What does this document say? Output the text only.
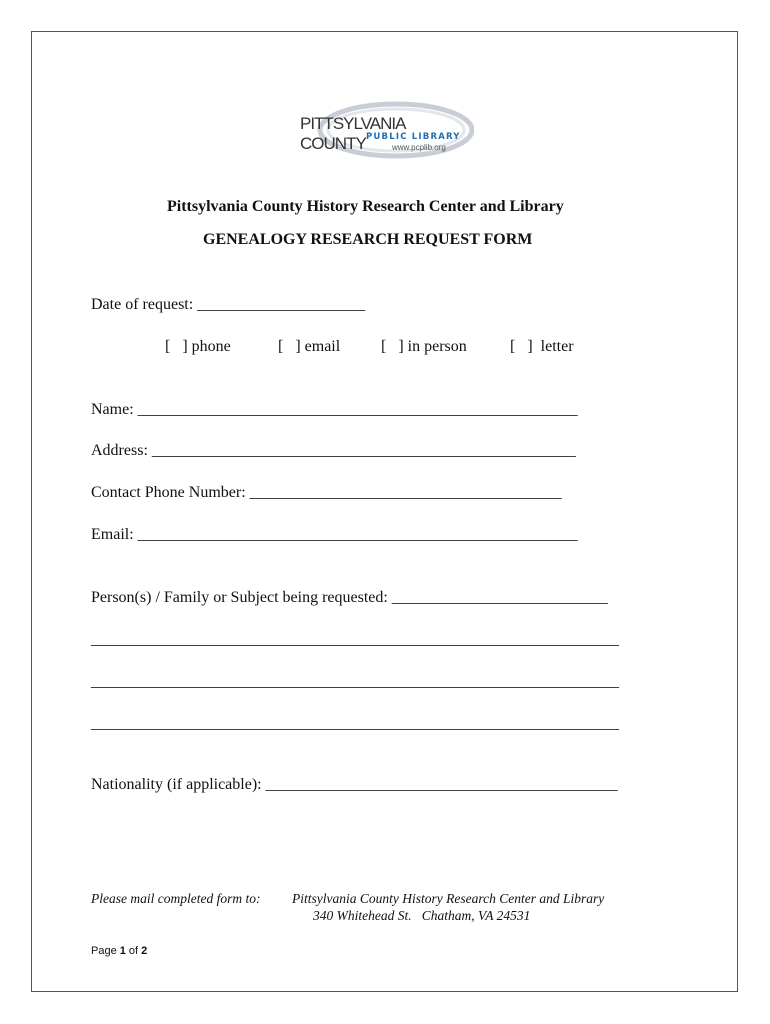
PITTSYLVANIA COUNTY PUBLIC LIBRARY
www.pcplib.org
Pittsylvania County History Research Center and Library
GENEALOGY RESEARCH REQUEST FORM
Date of request: _____________________
[   ] phone	[   ] email	[   ] in person	[   ]  letter
Name: _______________________________________________________
Address: _____________________________________________________
Contact Phone Number: _______________________________________
Email: _______________________________________________________
Person(s) / Family or Subject being requested: ___________________________
__________________________________________________________________
__________________________________________________________________
__________________________________________________________________
Nationality (if applicable): ____________________________________________
Please mail completed form to: Pittsylvania County History Research Center and Library
340 Whitehead St.   Chatham, VA 24531
Page 1 of 2
